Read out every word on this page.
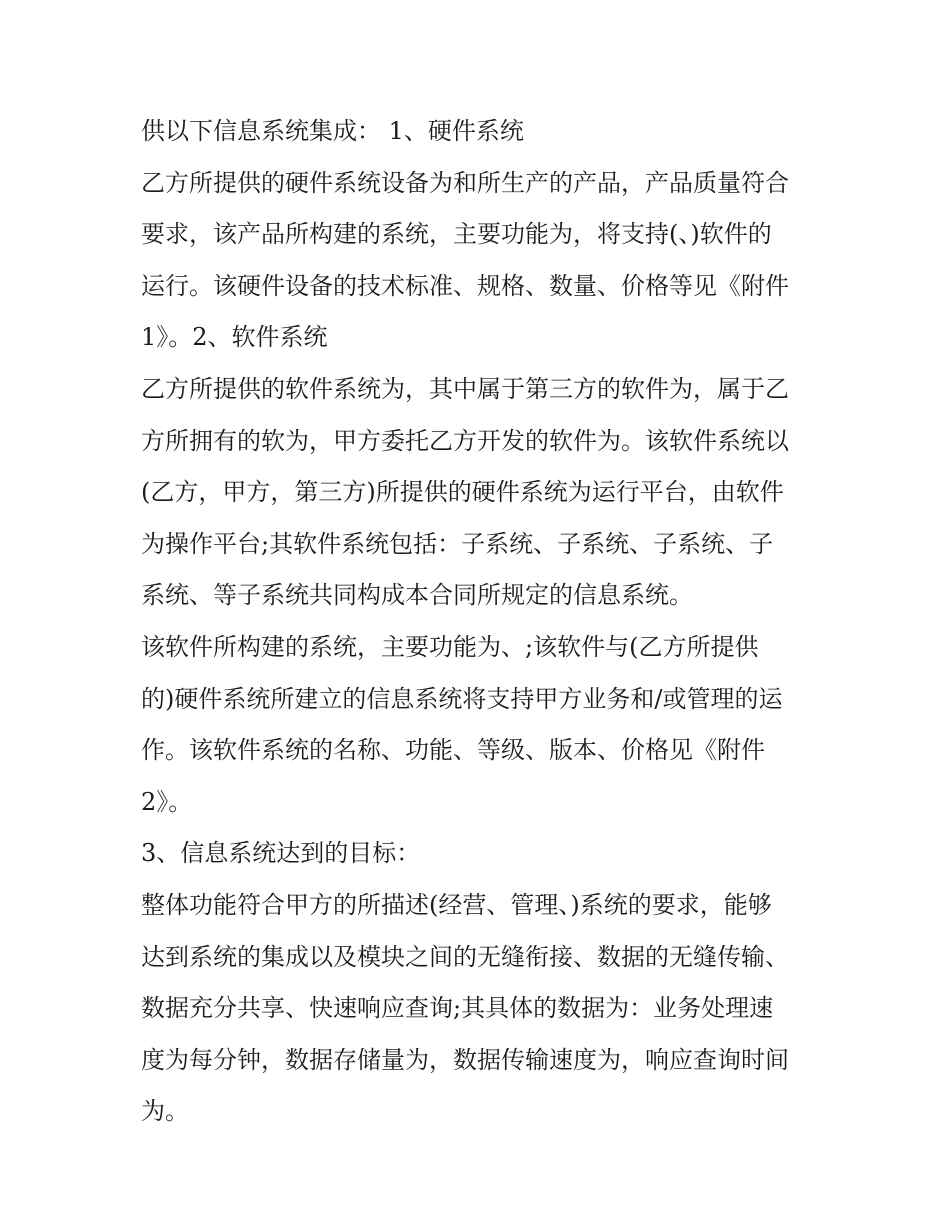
供以下信息系统集成： 1、硬件系统
乙方所提供的硬件系统设备为和所生产的产品，产品质量符合
要求，该产品所构建的系统，主要功能为，将支持(、)软件的
运行。该硬件设备的技术标准、规格、数量、价格等见《附件
1》。2、软件系统
乙方所提供的软件系统为，其中属于第三方的软件为，属于乙
方所拥有的软为，甲方委托乙方开发的软件为。该软件系统以
(乙方，甲方，第三方)所提供的硬件系统为运行平台，由软件
为操作平台;其软件系统包括：子系统、子系统、子系统、子
系统、等子系统共同构成本合同所规定的信息系统。
该软件所构建的系统，主要功能为、;该软件与(乙方所提供
的)硬件系统所建立的信息系统将支持甲方业务和/或管理的运
作。该软件系统的名称、功能、等级、版本、价格见《附件
2》。
3、信息系统达到的目标：
整体功能符合甲方的所描述(经营、管理、)系统的要求，能够
达到系统的集成以及模块之间的无缝衔接、数据的无缝传输、
数据充分共享、快速响应查询;其具体的数据为：业务处理速
度为每分钟，数据存储量为，数据传输速度为，响应查询时间
为。
